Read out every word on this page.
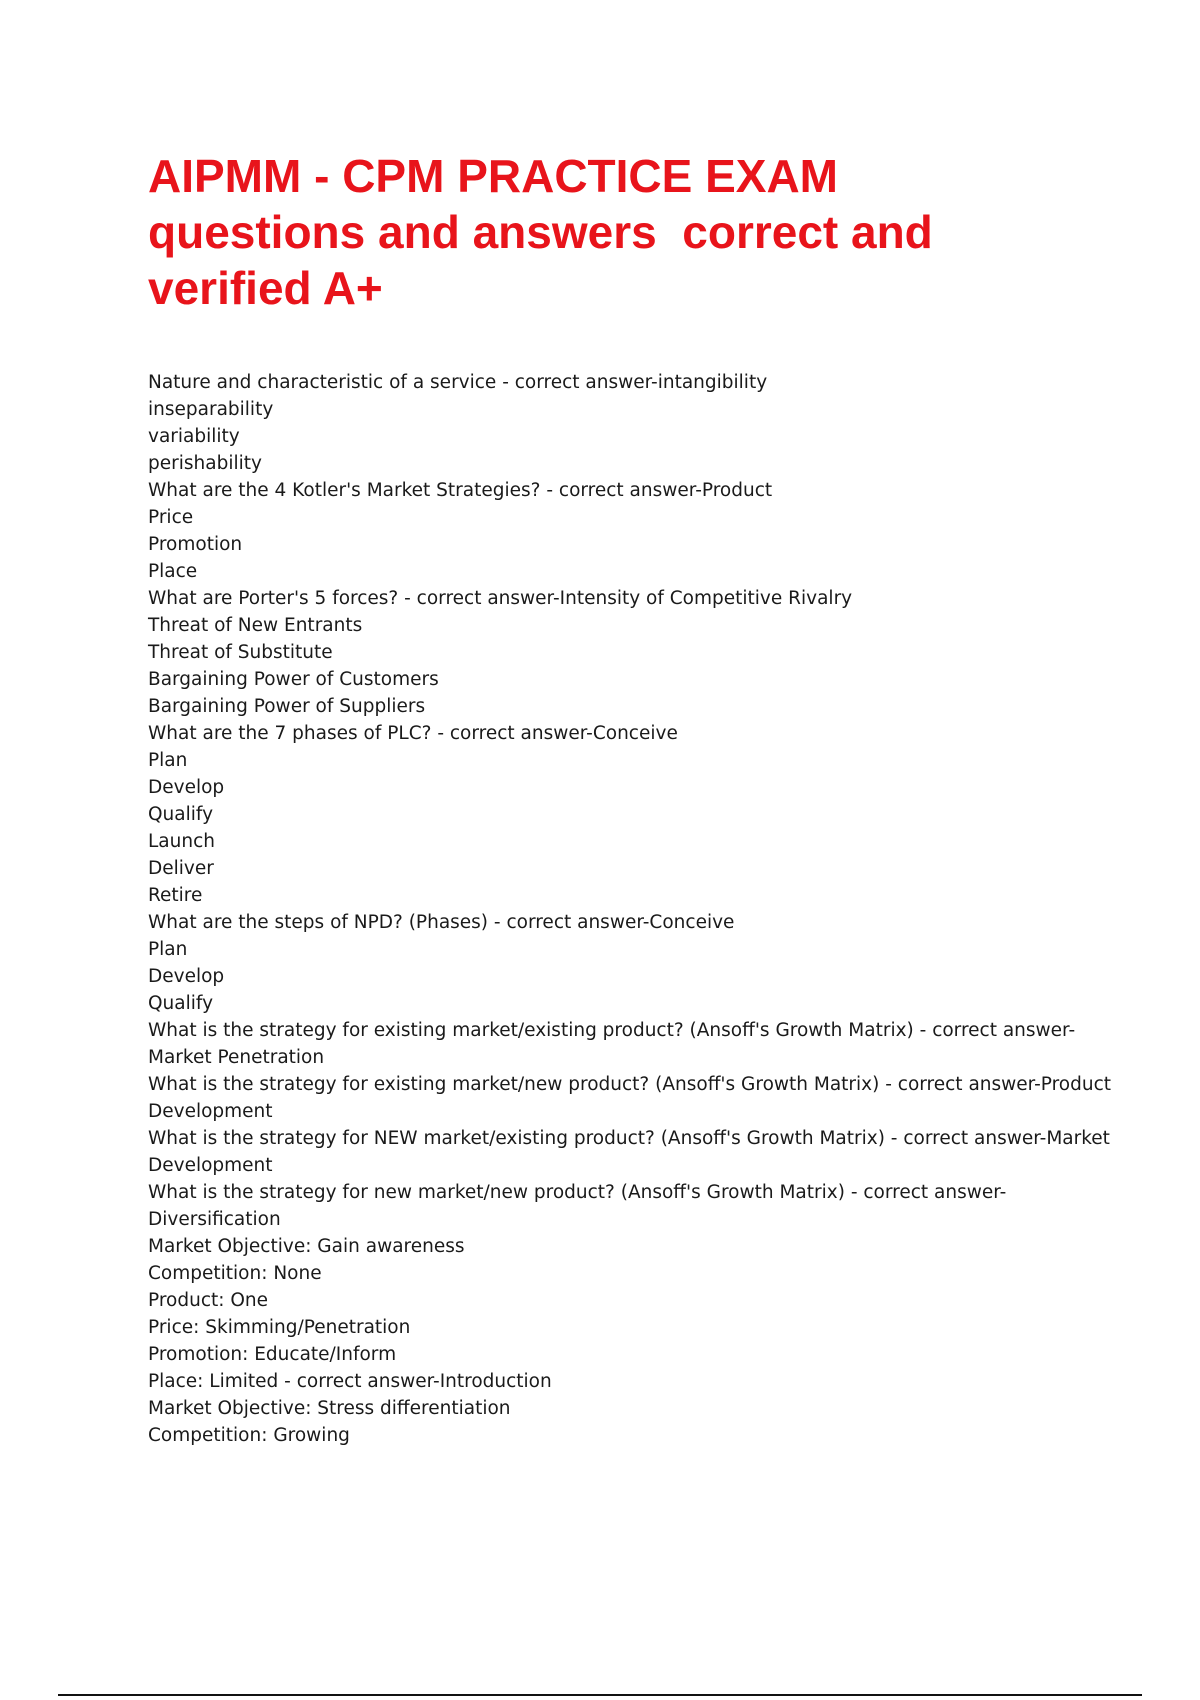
AIPMM - CPM PRACTICE EXAM
questions and answers  correct and
verified A+
Nature and characteristic of a service - correct answer-intangibility
inseparability
variability
perishability
What are the 4 Kotler's Market Strategies? - correct answer-Product
Price
Promotion
Place
What are Porter's 5 forces? - correct answer-Intensity of Competitive Rivalry
Threat of New Entrants
Threat of Substitute
Bargaining Power of Customers
Bargaining Power of Suppliers
What are the 7 phases of PLC? - correct answer-Conceive
Plan
Develop
Qualify
Launch
Deliver
Retire
What are the steps of NPD? (Phases) - correct answer-Conceive
Plan
Develop
Qualify
What is the strategy for existing market/existing product? (Ansoff's Growth Matrix) - correct answer-
Market Penetration
What is the strategy for existing market/new product? (Ansoff's Growth Matrix) - correct answer-Product
Development
What is the strategy for NEW market/existing product? (Ansoff's Growth Matrix) - correct answer-Market
Development
What is the strategy for new market/new product? (Ansoff's Growth Matrix) - correct answer-
Diversification
Market Objective: Gain awareness
Competition: None
Product: One
Price: Skimming/Penetration
Promotion: Educate/Inform
Place: Limited - correct answer-Introduction
Market Objective: Stress differentiation
Competition: Growing
